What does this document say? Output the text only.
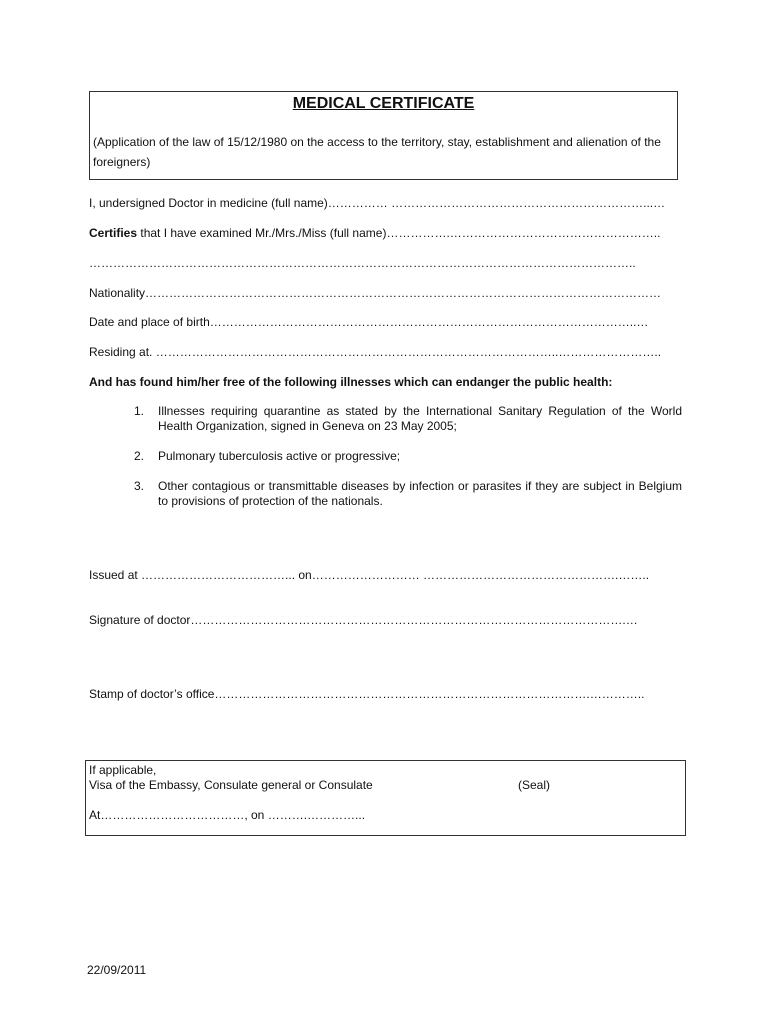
MEDICAL CERTIFICATE
(Application of the law of 15/12/1980 on the access to the territory, stay, establishment and alienation of the foreigners)
I, undersigned Doctor in medicine (full name)…………… ………………………………………………………...…
Certifies that I have examined Mr./Mrs./Miss (full name)…………….……………………………………………..
………………………………………………………………………………………………………………………..
Nationality…………………………………………………………………………………………………………………
Date and place of birth……………………………………………………………………………………………..…
Residing at. ………………………………………………………………………………………..……………………..
And has found him/her free of the following illnesses which can endanger the public health:
1. Illnesses requiring quarantine as stated by the International Sanitary Regulation of the World Health Organization, signed in Geneva on 23 May 2005;
2. Pulmonary tuberculosis active or progressive;
3. Other contagious or transmittable diseases by infection or parasites if they are subject in Belgium to provisions of protection of the nationals.
Issued at ………………………………... on……………………… ………………………………………….……..
Signature of doctor……………………………………………………………………………………………….…
Stamp of doctor’s office………………………………………………………………………………….…………..
If applicable,
Visa of the Embassy, Consulate general or Consulate	(Seal)
At………………………………, on ……….…………...
22/09/2011
